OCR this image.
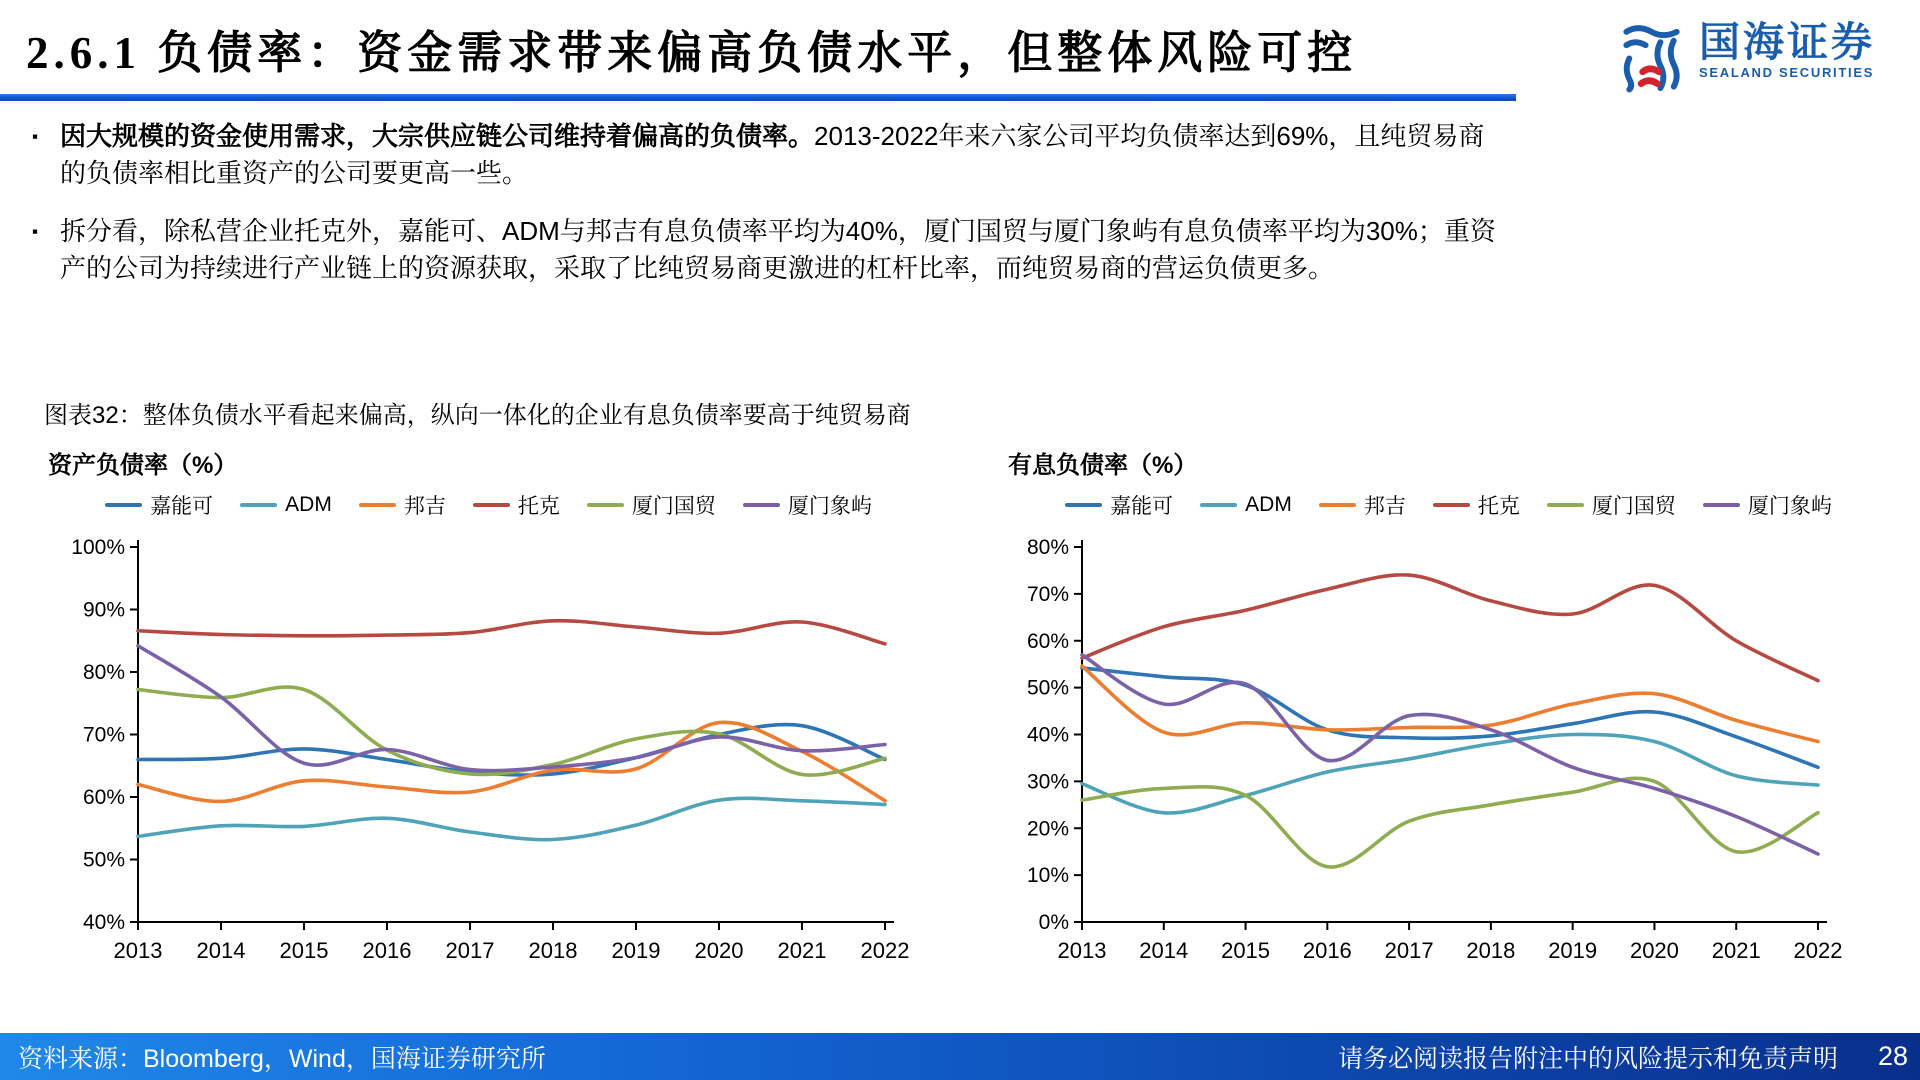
2.6.1 负债率：资金需求带来偏高负债水平，但整体风险可控	国海证券
SEALAND SECURITIES
▪ 因大规模的资金使用需求，大宗供应链公司维持着偏高的负债率。2013-2022年来六家公司平均负债率达到69%，且纯贸易商的负债率相比重资产的公司要更高一些。
▪ 拆分看，除私营企业托克外，嘉能可、ADM与邦吉有息负债率平均为40%，厦门国贸与厦门象屿有息负债率平均为30%；重资产的公司为持续进行产业链上的资源获取，采取了比纯贸易商更激进的杠杆比率，而纯贸易商的营运负债更多。
图表32：整体负债水平看起来偏高，纵向一体化的企业有息负债率要高于纯贸易商
资产负债率（%）
嘉能可	ADM	邦吉	托克	厦门国贸	厦门象屿
40%
50%
60%
70%
80%
90%
100%
2013 2014 2015 2016 2017 2018 2019 2020 2021 2022
有息负债率（%）
嘉能可	ADM	邦吉	托克	厦门国贸	厦门象屿
0%
10%
20%
30%
40%
50%
60%
70%
80%
2013 2014 2015 2016 2017 2018 2019 2020 2021 2022
资料来源：Bloomberg，Wind，国海证券研究所	请务必阅读报告附注中的风险提示和免责声明 28
